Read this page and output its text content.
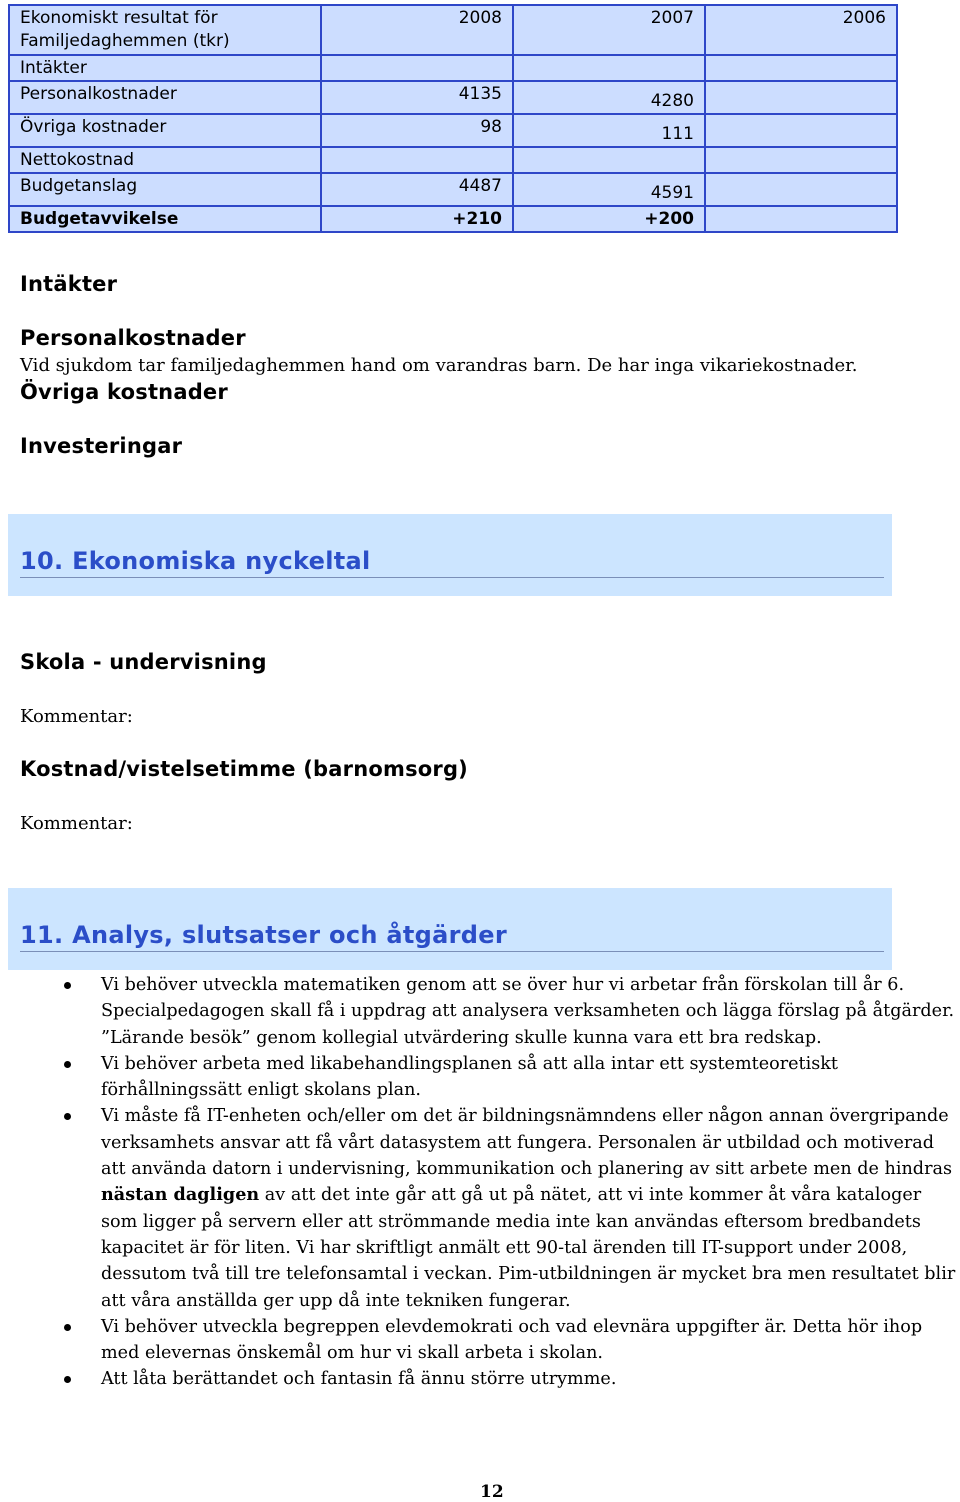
Ekonomiskt resultat för Familjedaghemmen (tkr)	2008	2007	2006
Intäkter			
Personalkostnader	4135	4280	
Övriga kostnader	98	111	
Nettokostnad			
Budgetanslag	4487	4591	
Budgetavvikelse	+210	+200	
Intäkter
Personalkostnader
Vid sjukdom tar familjedaghemmen hand om varandras barn. De har inga vikariekostnader.
Övriga kostnader
Investeringar
10. Ekonomiska nyckeltal
Skola - undervisning
Kommentar:
Kostnad/vistelsetimme (barnomsorg)
Kommentar:
11. Analys, slutsatser och åtgärder

Vi behöver utveckla matematiken genom att se över hur vi arbetar från förskolan till år 6.

Specialpedagogen skall få i uppdrag att analysera verksamheten och lägga förslag på åtgärder.

”Lärande besök” genom kollegial utvärdering skulle kunna vara ett bra redskap.

Vi behöver arbeta med likabehandlingsplanen så att alla intar ett systemteoretiskt förhållningssätt enligt skolans plan.

Vi måste få IT-enheten och/eller om det är bildningsnämndens eller någon annan övergripande verksamhets ansvar att få vårt datasystem att fungera. Personalen är utbildad och motiverad att använda datorn i undervisning, kommunikation och planering av sitt arbete men de hindras nästan dagligen av att det inte går att gå ut på nätet, att vi inte kommer åt våra kataloger som ligger på servern eller att strömmande media inte kan användas eftersom bredbandets kapacitet är för liten. Vi har skriftligt anmält ett 90-tal ärenden till IT-support under 2008, dessutom två till tre telefonsamtal i veckan. Pim-utbildningen är mycket bra men resultatet blir att våra anställda ger upp då inte tekniken fungerar.

Vi behöver utveckla begreppen elevdemokrati och vad elevnära uppgifter är. Detta hör ihop med elevernas önskemål om hur vi skall arbeta i skolan.

Att låta berättandet och fantasin få ännu större utrymme.

12
